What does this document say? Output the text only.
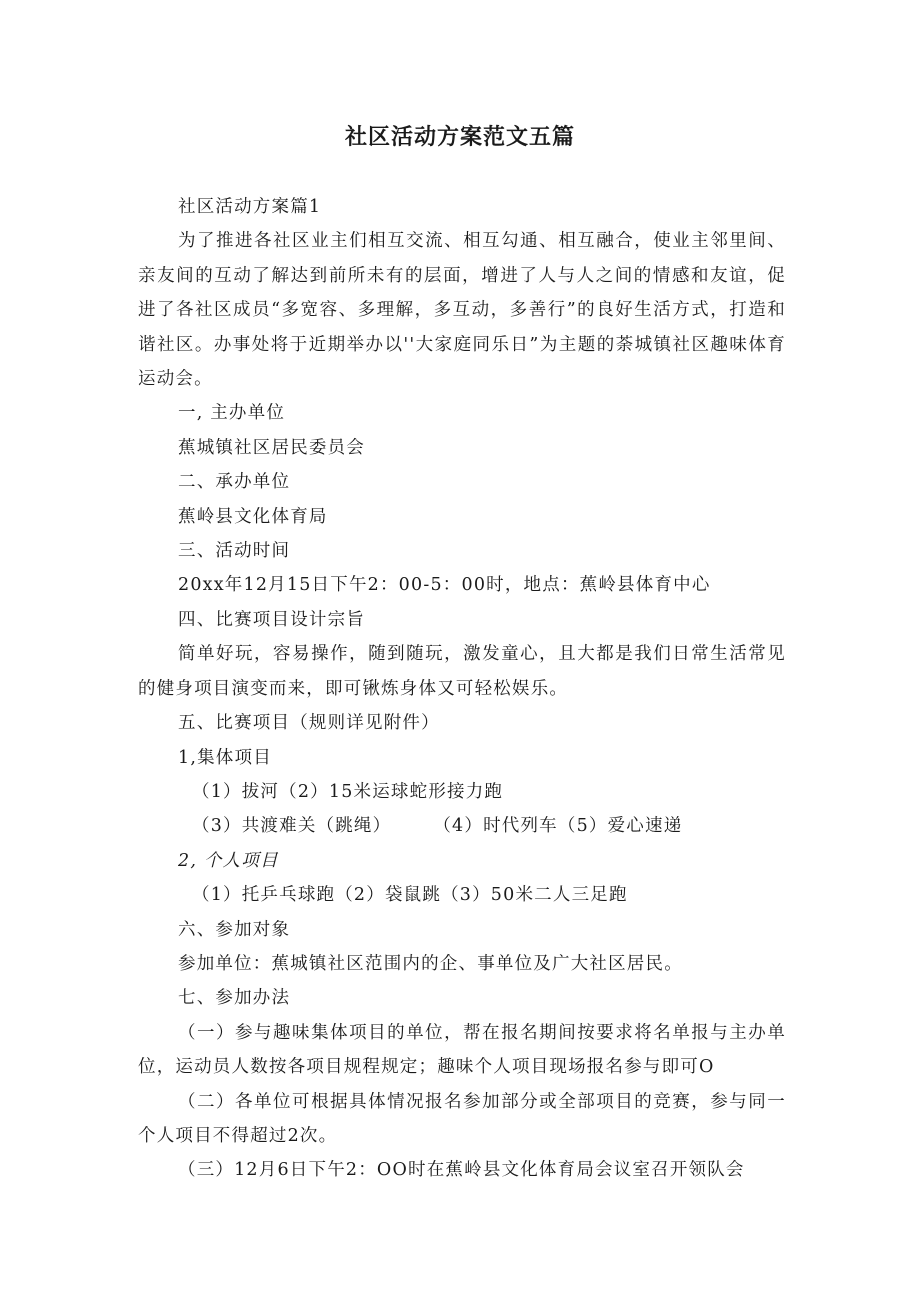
社区活动方案范文五篇

社区活动方案篇1

为了推进各社区业主们相互交流、相互勾通、相互融合，使业主邻里间、亲友间的互动了解达到前所未有的层面，增进了人与人之间的情感和友谊，促进了各社区成员“多宽容、多理解，多互动，多善行”的良好生活方式，打造和谐社区。办事处将于近期举办以''大家庭同乐日”为主题的荼城镇社区趣味体育运动会。

一, 主办单位

蕉城镇社区居民委员会

二、承办单位

蕉岭县文化体育局

三、活动时间

20xx年12月15日下午2：00-5：00时，地点：蕉岭县体育中心

四、比赛项目设计宗旨

简单好玩，容易操作，随到随玩，激发童心，且大都是我们日常生活常见的健身项目演变而来，即可锹炼身体又可轻松娱乐。

五、比赛项目（规则详见附件）

1,集体项目

（1）拔河（2）15米运球蛇形接力跑

（3）共渡难关（跳绳） （4）时代列车（5）爱心速递

2, 个人项目

（1）托乒乓球跑（2）袋鼠跳（3）50米二人三足跑

六、参加对象

参加单位：蕉城镇社区范围内的企、事单位及广大社区居民。

七、参加办法

（一）参与趣味集体项目的单位，帮在报名期间按要求将名单报与主办单位，运动员人数按各项目规程规定；趣味个人项目现场报名参与即可O

（二）各单位可根据具体情况报名参加部分或全部项目的竞赛，参与同一个人项目不得超过2次。

（三）12月6日下午2：OO时在蕉岭县文化体育局会议室召开领队会
